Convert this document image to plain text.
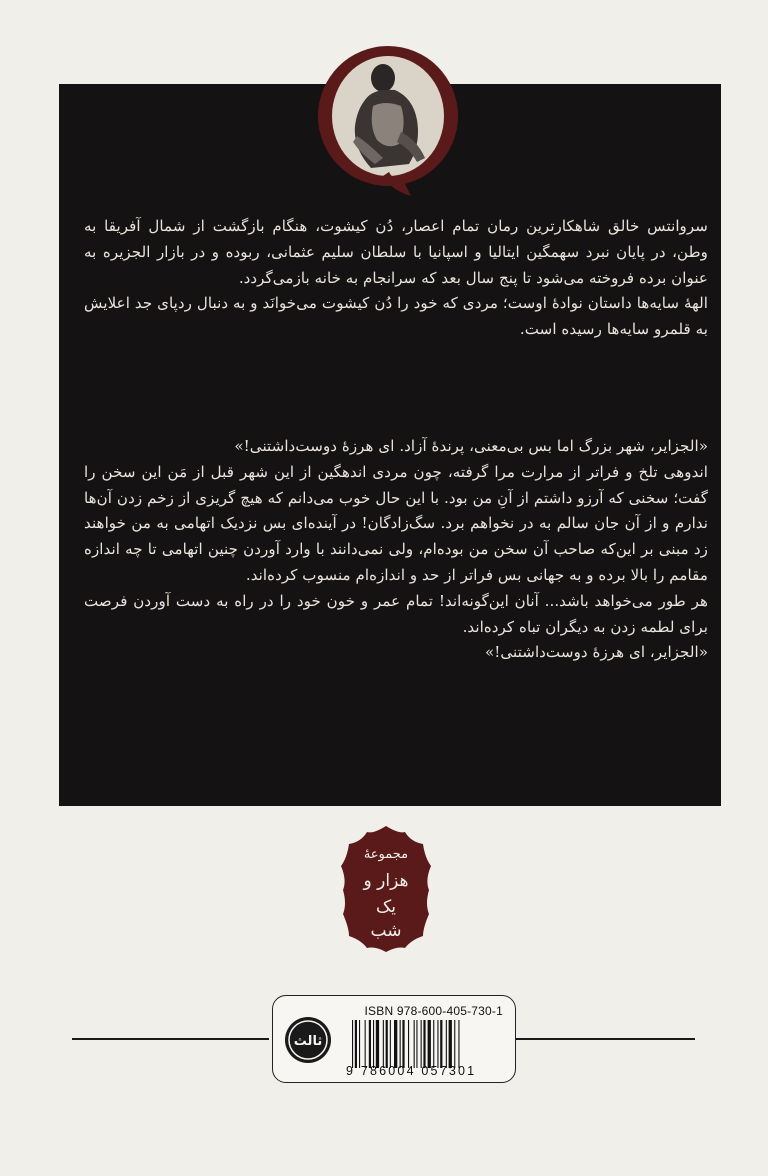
سروانتس خالق شاهکارترین رمان تمام اعصار، دُن کیشوت، هنگام بازگشت از شمال آفریقا به وطن، در پایان نبرد سهمگین ایتالیا و اسپانیا با سلطان سلیم عثمانی، ربوده و در بازار الجزیره به عنوان برده فروخته می‌شود تا پنج سال بعد که سرانجام به خانه بازمی‌گردد.

الهه‌ٔ سایه‌ها داستان نوادهٔ اوست؛ مردی که خود را دُن کیشوت می‌خوانَد و به دنبال ردپای جد اعلایش به قلمرو سایه‌ها رسیده است.

«الجزایر، شهر بزرگ اما بس بی‌معنی، پرندهٔ آزاد. ای هرزهٔ دوست‌داشتنی!»

اندوهی تلخ و فراتر از مرارت مرا گرفته، چون مردی اندهگین از این شهر قبل از مَن این سخن را گفت؛ سخنی که آرزو داشتم از آنِ من بود. با این حال خوب می‌دانم که هیچ گریزی از زخم زدن آن‌ها ندارم و از آن جان سالم به در نخواهم برد. سگ‌زادگان! در آینده‌ای بس نزدیک اتهامی به من خواهند زد مبنی بر این‌که صاحب آن سخن من بوده‌ام، ولی نمی‌دانند با وارد آوردن چنین اتهامی تا چه اندازه مقامم را بالا برده و به جهانی بس فراتر از حد و اندازه‌ام منسوب کرده‌اند.

هر طور می‌خواهد باشد... آنان این‌گونه‌اند! تمام عمر و خون خود را در راه به دست آوردن فرصت برای لطمه زدن به دیگران تباه کرده‌اند.

«الجزایر، ای هرزهٔ دوست‌داشتنی!»

مجموعهٔ
هزار و
یک
شب
ثالث
ISBN 978-600-405-730-1
9 786004 057301
